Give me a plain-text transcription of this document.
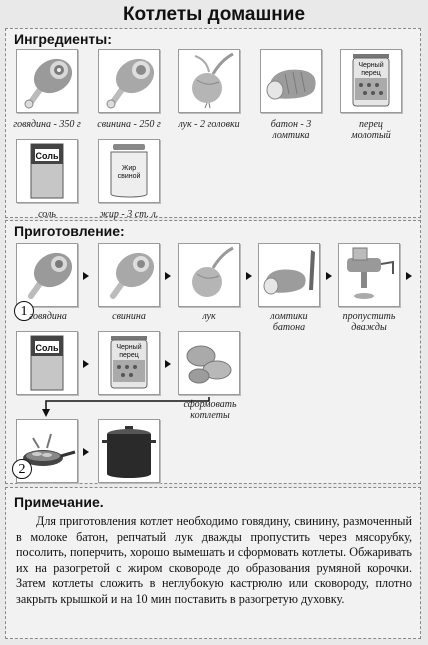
Котлеты домашние
Ингредиенты:
говядина - 350 г	свинина - 250 г	лук - 2 головки	батон - 3 ломтика
Черный
перец
перец молотый
Соль
соль
Жир
свиной
жир - 3 ст. л.
Приготовление:
1 говядина	свинина	лук	ломтики батона
пропустить дважды
Соль	Черный
перец
сформовать котлеты
2
Примечание.
Для приготовления котлет необходимо говядину, свинину, размоченный в молоке батон, репчатый лук дважды пропустить через мясорубку, посолить, поперчить, хорошо вымешать и сформовать котлеты. Обжаривать их на разогретой с жиром сковороде до образования румяной корочки. Затем котлеты сложить в неглубокую кастрюлю или сковороду, плотно закрыть крышкой и на 10 мин поставить в разогретую духовку.
